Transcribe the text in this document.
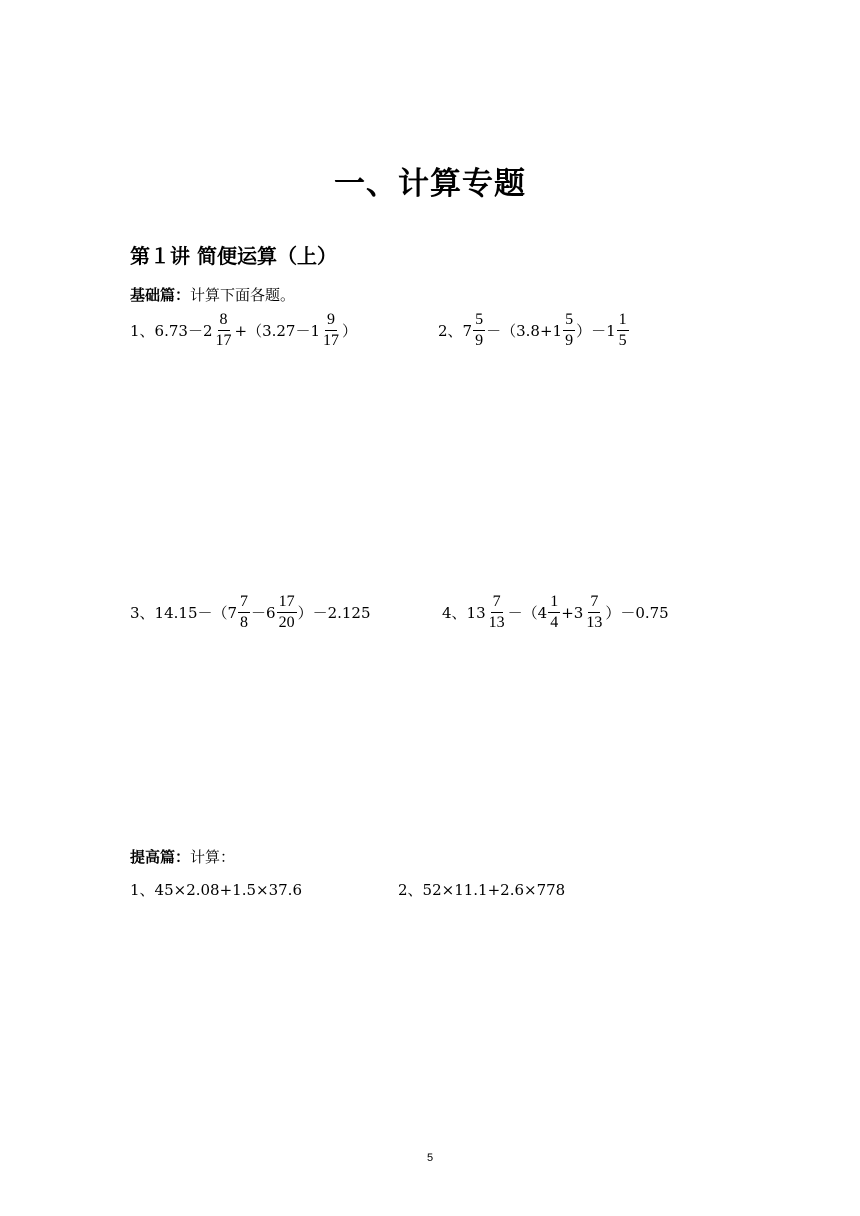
一、计算专题
第１讲 简便运算（上）
基础篇：计算下面各题。
1、$6.73-2 \frac{8}{17} +(3.27-1 \frac{9}{17}$ ）	2、$7 \frac{5}{9} -(3.8+1 \frac{5}{9} )-1 \frac{1}{5}$
3、$14.15-(7 \frac{7}{8} -6 \frac{17}{20} )-2.125$	4、$13 \frac{7}{13} -(4 \frac{1}{4} +3 \frac{7}{13} )-0.75$
提高篇：计算：
1、45×2.08+1.5×37.6	2、52×11.1+2.6×778
5
